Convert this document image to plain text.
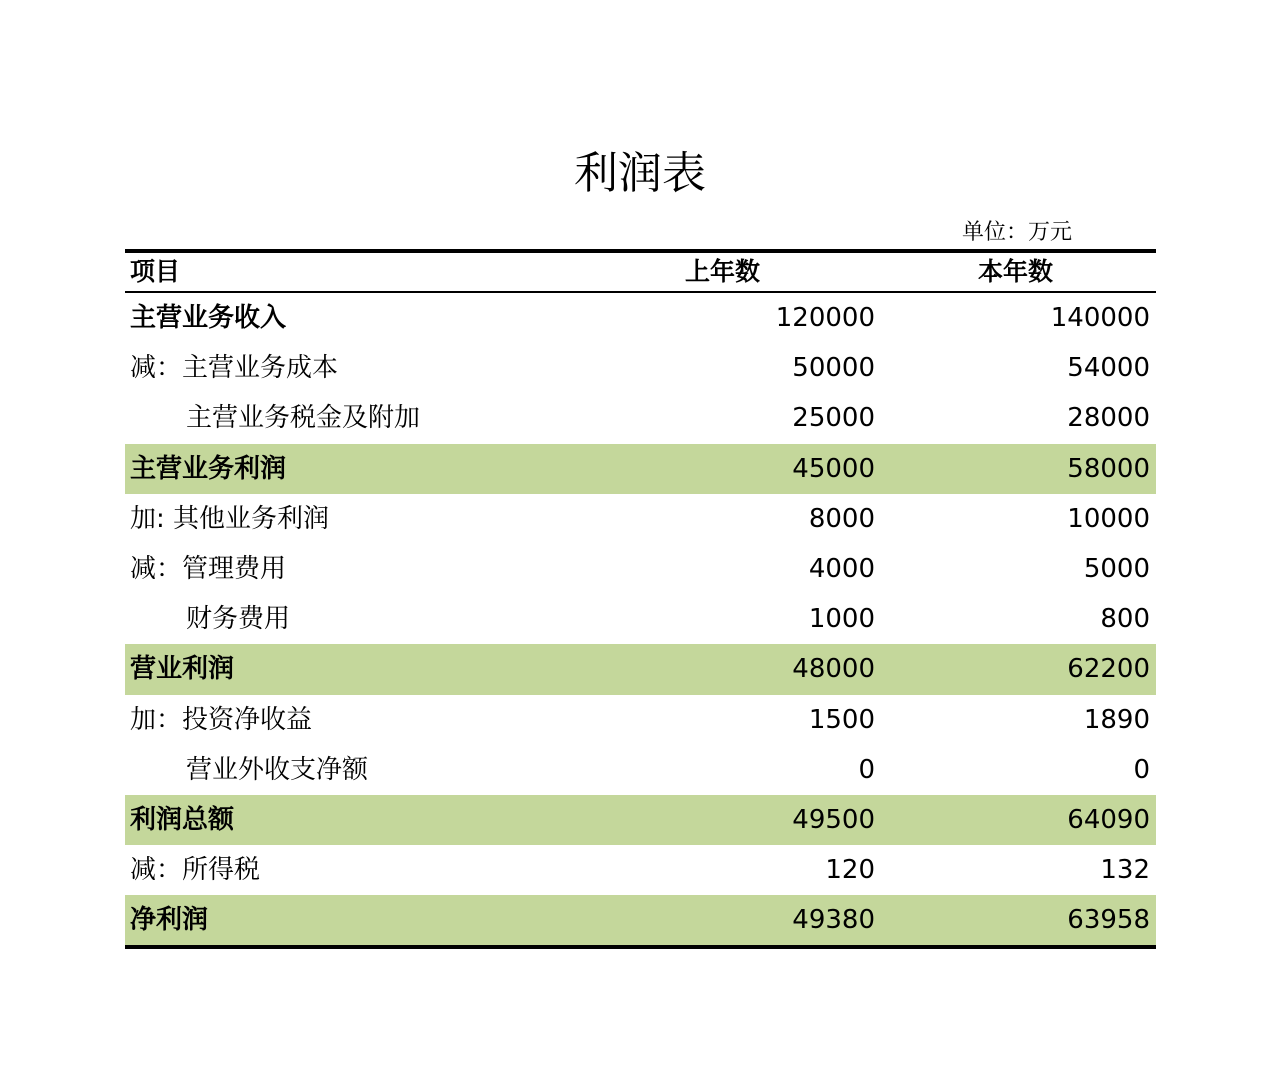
利润表
单位：万元
项目	上年数	本年数
主营业务收入	120000	140000
减：主营业务成本	50000	54000
主营业务税金及附加	25000	28000
主营业务利润	45000	58000
加: 其他业务利润	8000	10000
减：管理费用	4000	5000
财务费用	1000	800
营业利润	48000	62200
加：投资净收益	1500	1890
营业外收支净额	0	0
利润总额	49500	64090
减：所得税	120	132
净利润	49380	63958
